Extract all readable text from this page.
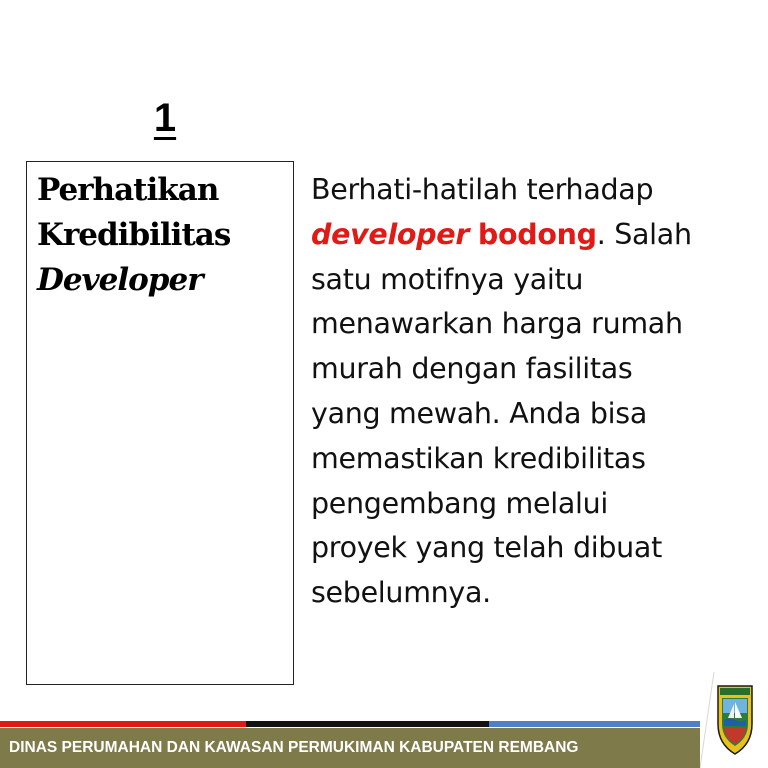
1
Perhatikan
Kredibilitas
Developer
Berhati-hatilah terhadap
developer bodong. Salah
satu motifnya yaitu
menawarkan harga rumah
murah dengan fasilitas
yang mewah. Anda bisa
memastikan kredibilitas
pengembang melalui
proyek yang telah dibuat
sebelumnya.
DINAS PERUMAHAN DAN KAWASAN PERMUKIMAN KABUPATEN REMBANG
